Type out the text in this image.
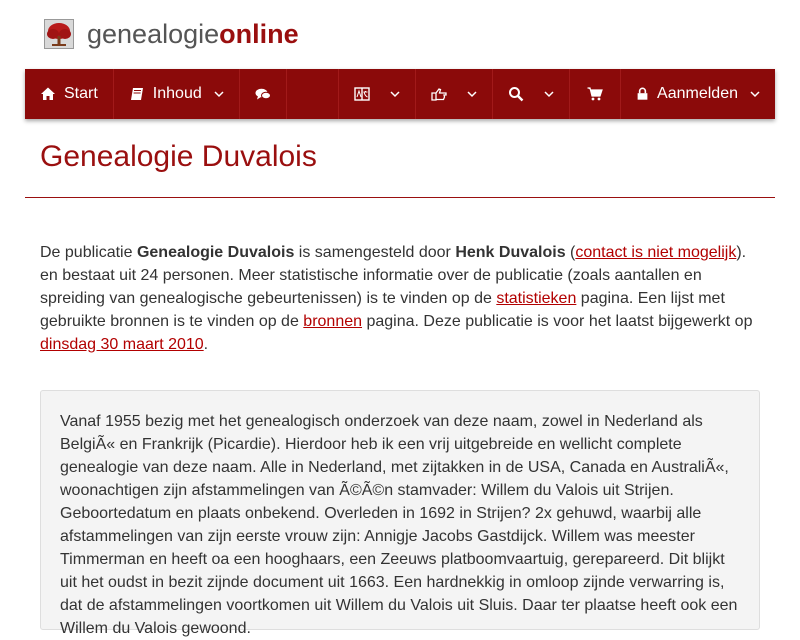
genealogieonline
Start	Inhoud	Aanmelden
Genealogie Duvalois

De publicatie Genealogie Duvalois is samengesteld door Henk Duvalois (contact is niet mogelijk). en bestaat uit 24 personen. Meer statistische informatie over de publicatie (zoals aantallen en spreiding van genealogische gebeurtenissen) is te vinden op de statistieken pagina. Een lijst met gebruikte bronnen is te vinden op de bronnen pagina. Deze publicatie is voor het laatst bijgewerkt op dinsdag 30 maart 2010.

Vanaf 1955 bezig met het genealogisch onderzoek van deze naam, zowel in Nederland als BelgiÃ« en Frankrijk (Picardie). Hierdoor heb ik een vrij uitgebreide en wellicht complete genealogie van deze naam. Alle in Nederland, met zijtakken in de USA, Canada en AustraliÃ«, woonachtigen zijn afstammelingen van Ã©Ã©n stamvader: Willem du Valois uit Strijen. Geboortedatum en plaats onbekend. Overleden in 1692 in Strijen? 2x gehuwd, waarbij alle afstammelingen van zijn eerste vrouw zijn: Annigje Jacobs Gastdijck. Willem was meester Timmerman en heeft oa een hooghaars, een Zeeuws platboomvaartuig, gerepareerd. Dit blijkt uit het oudst in bezit zijnde document uit 1663. Een hardnekkig in omloop zijnde verwarring is, dat de afstammelingen voortkomen uit Willem du Valois uit Sluis. Daar ter plaatse heeft ook een Willem du Valois gewoond.
